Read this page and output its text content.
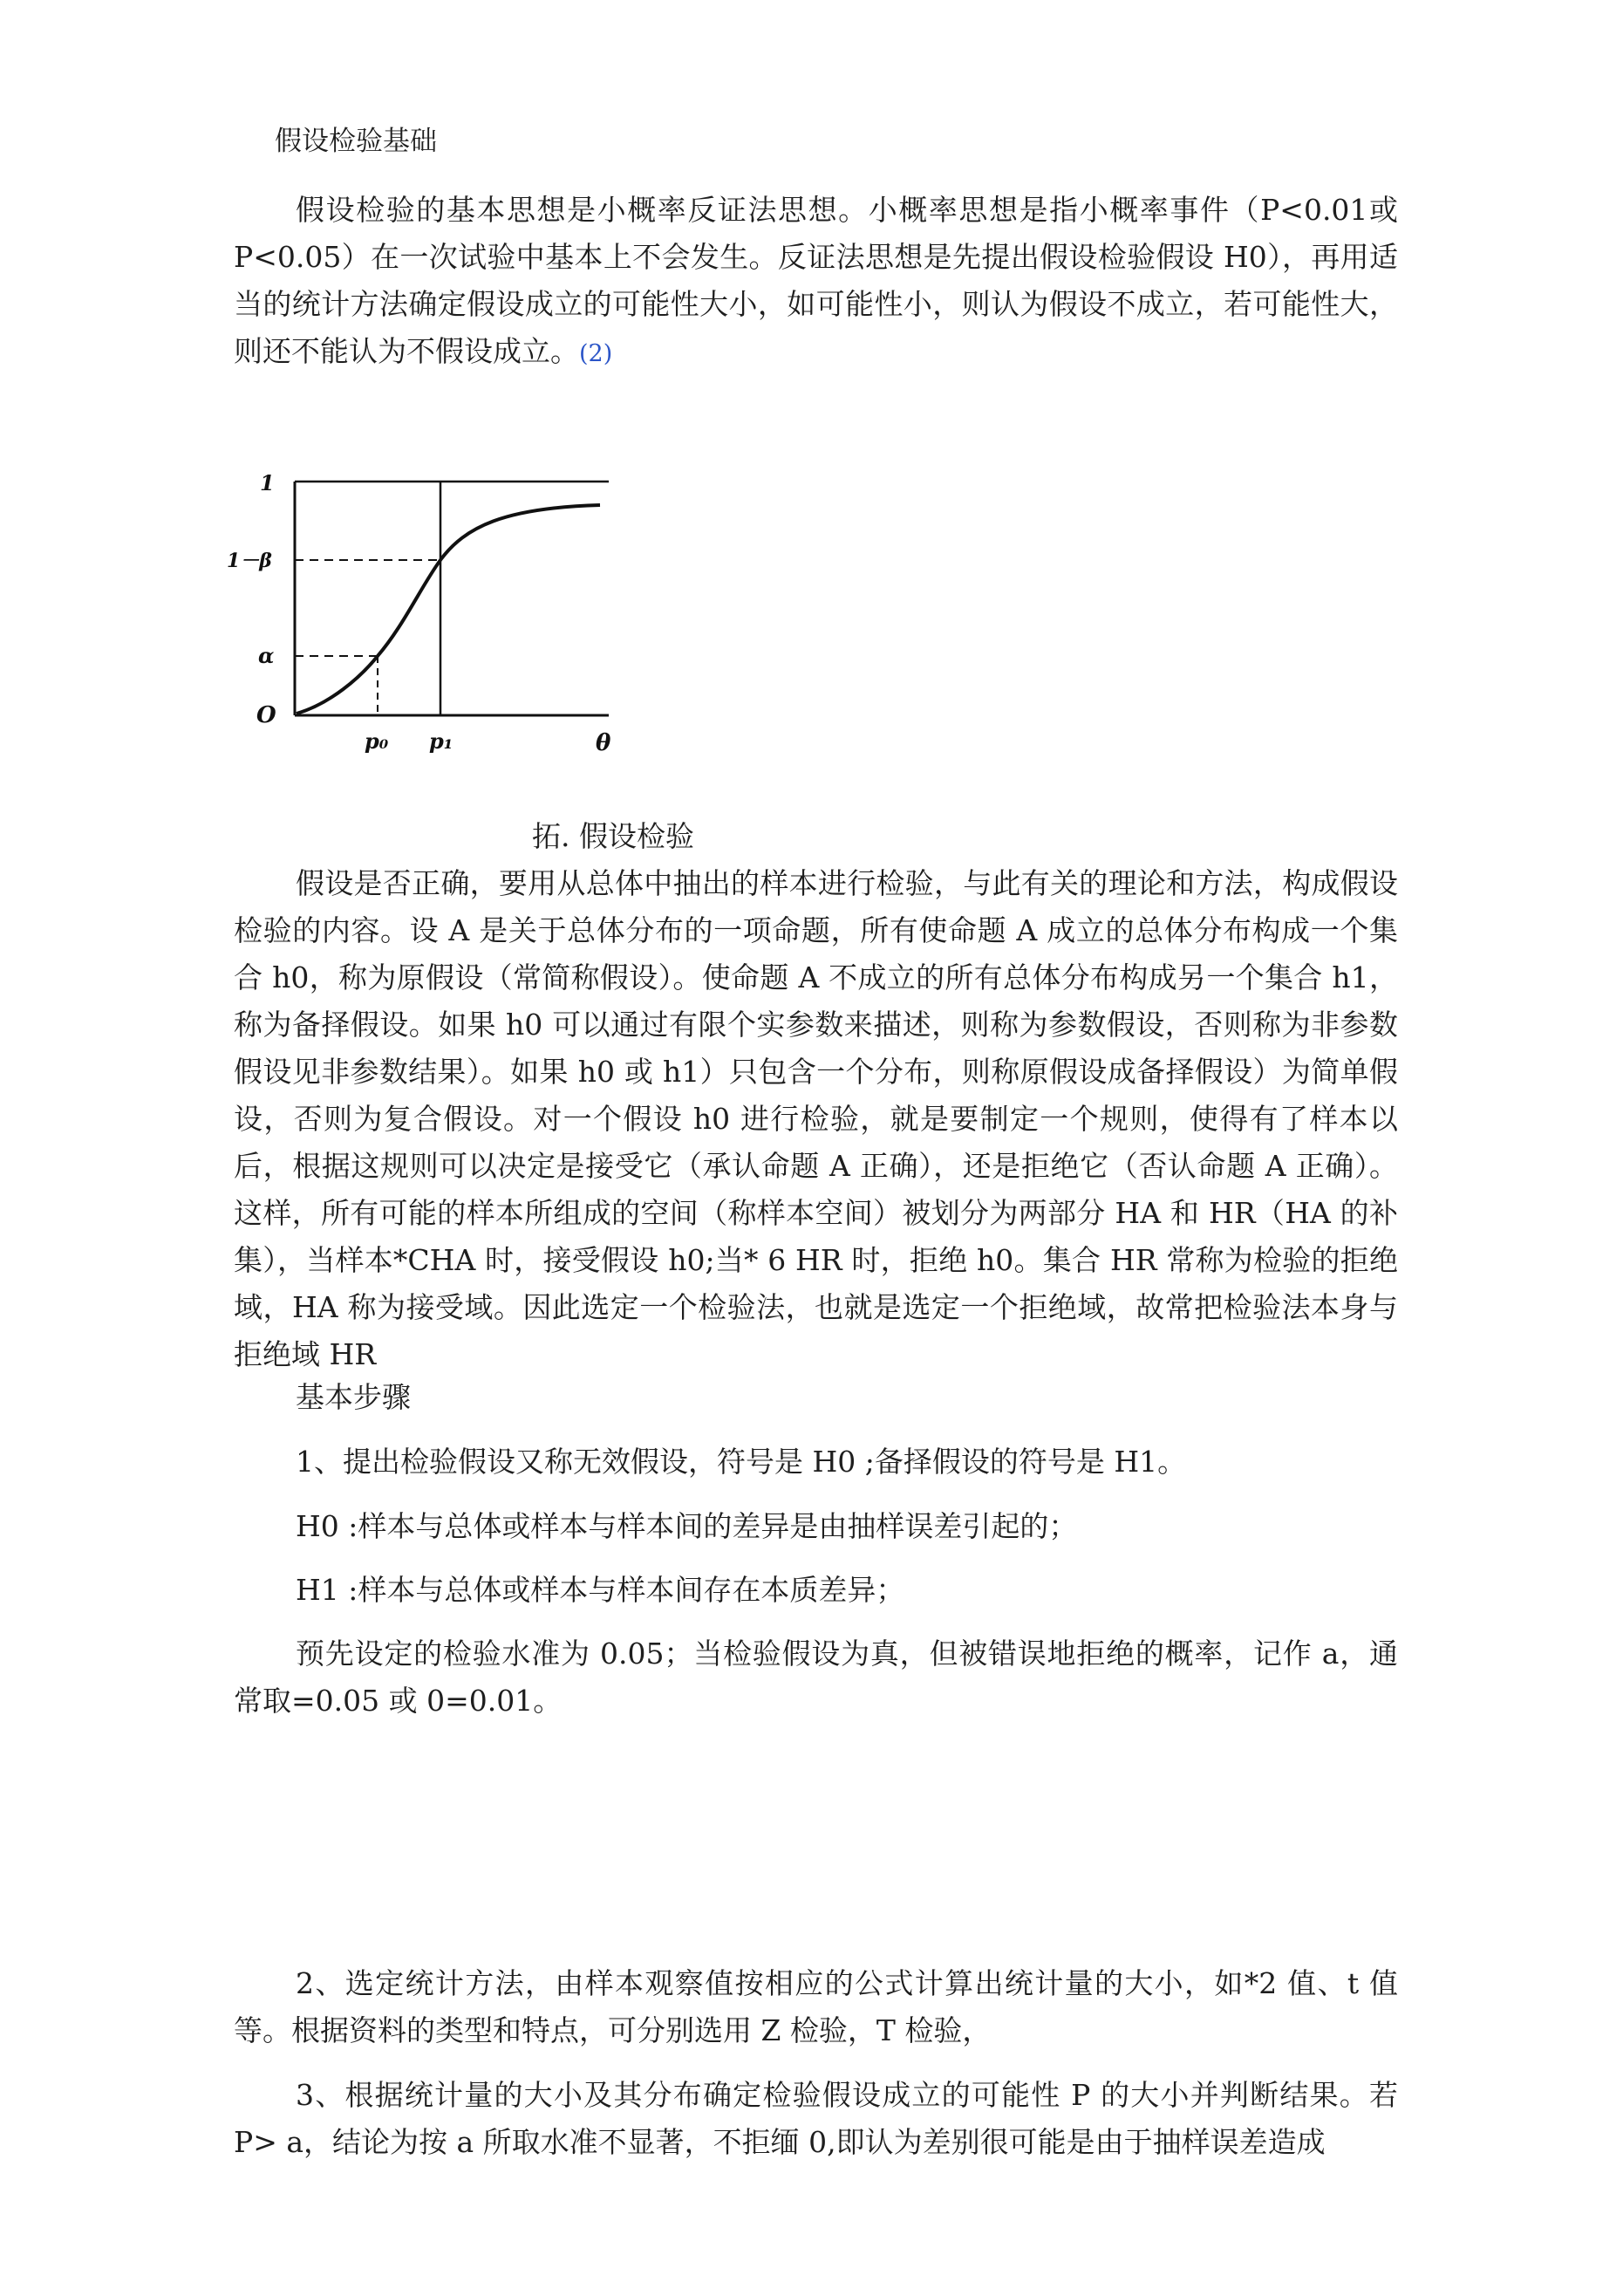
假设检验基础

假设检验的基本思想是小概率反证法思想。小概率思想是指小概率事件（P<0.01或 P<0.05）在一次试验中基本上不会发生。反证法思想是先提出假设检验假设 H0），再用适当的统计方法确定假设成立的可能性大小，如可能性小，则认为假设不成立，若可能性大，则还不能认为不假设成立。(2)

1
1－β
α
O
p₀ p₁	θ
拓. 假设检验

假设是否正确，要用从总体中抽出的样本进行检验，与此有关的理论和方法，构成假设检验的内容。设 A 是关于总体分布的一项命题，所有使命题 A 成立的总体分布构成一个集合 h0，称为原假设（常简称假设）。使命题 A 不成立的所有总体分布构成另一个集合 h1，称为备择假设。如果 h0 可以通过有限个实参数来描述，则称为参数假设，否则称为非参数假设见非参数结果）。如果 h0 或 h1）只包含一个分布，则称原假设成备择假设）为简单假设，否则为复合假设。对一个假设 h0 进行检验，就是要制定一个规则，使得有了样本以后，根据这规则可以决定是接受它（承认命题 A 正确），还是拒绝它（否认命题 A 正确）。这样，所有可能的样本所组成的空间（称样本空间）被划分为两部分 HA 和 HR（HA 的补集），当样本*CHA 时，接受假设 h0;当* 6 HR 时，拒绝 h0。集合 HR 常称为检验的拒绝域，HA 称为接受域。因此选定一个检验法，也就是选定一个拒绝域，故常把检验法本身与拒绝域 HR

基本步骤
1、提出检验假设又称无效假设，符号是 H0 ;备择假设的符号是 H1。
H0 :样本与总体或样本与样本间的差异是由抽样误差引起的；
H1 :样本与总体或样本与样本间存在本质差异；

预先设定的检验水准为 0.05；当检验假设为真，但被错误地拒绝的概率，记作 a，通常取=0.05 或 0=0.01。

2、选定统计方法，由样本观察值按相应的公式计算出统计量的大小，如*2 值、t 值等。根据资料的类型和特点，可分别选用 Z 检验，T 检验，

3、根据统计量的大小及其分布确定检验假设成立的可能性 P 的大小并判断结果。若 P> a，结论为按 a 所取水准不显著，不拒缅 0,即认为差别很可能是由于抽样误差造成
